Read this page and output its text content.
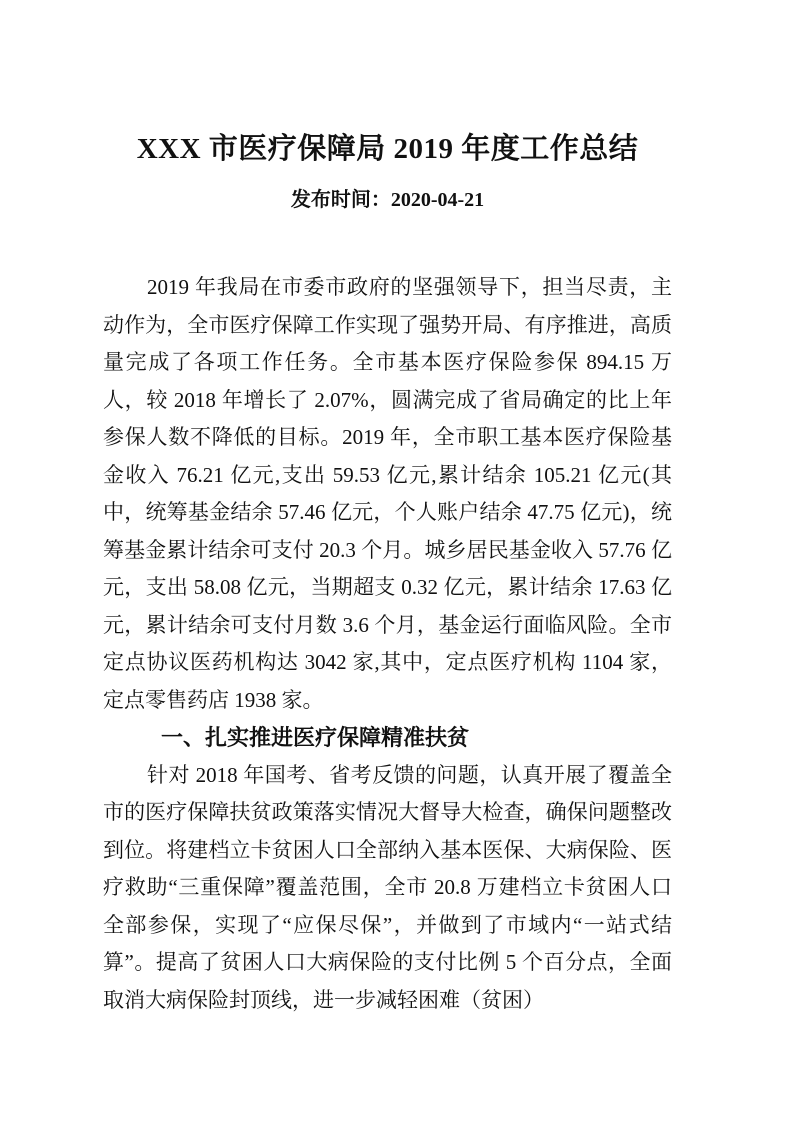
XXX 市医疗保障局 2019 年度工作总结
发布时间：2020-04-21

2019 年我局在市委市政府的坚强领导下，担当尽责，主动作为，全市医疗保障工作实现了强势开局、有序推进，高质量完成了各项工作任务。全市基本医疗保险参保 894.15 万人，较 2018 年增长了 2.07%，圆满完成了省局确定的比上年参保人数不降低的目标。2019 年，全市职工基本医疗保险基金收入 76.21 亿元,支出 59.53 亿元,累计结余 105.21 亿元(其中，统筹基金结余 57.46 亿元，个人账户结余 47.75 亿元)，统筹基金累计结余可支付 20.3 个月。城乡居民基金收入 57.76 亿元，支出 58.08 亿元，当期超支 0.32 亿元，累计结余 17.63 亿元，累计结余可支付月数 3.6 个月，基金运行面临风险。全市定点协议医药机构达 3042 家,其中，定点医疗机构 1104 家，定点零售药店 1938 家。

一、扎实推进医疗保障精准扶贫

针对 2018 年国考、省考反馈的问题，认真开展了覆盖全市的医疗保障扶贫政策落实情况大督导大检查，确保问题整改到位。将建档立卡贫困人口全部纳入基本医保、大病保险、医疗救助“三重保障”覆盖范围，全市 20.8 万建档立卡贫困人口全部参保，实现了“应保尽保”，并做到了市域内“一站式结算”。提高了贫困人口大病保险的支付比例 5 个百分点，全面取消大病保险封顶线，进一步减轻困难（贫困）
